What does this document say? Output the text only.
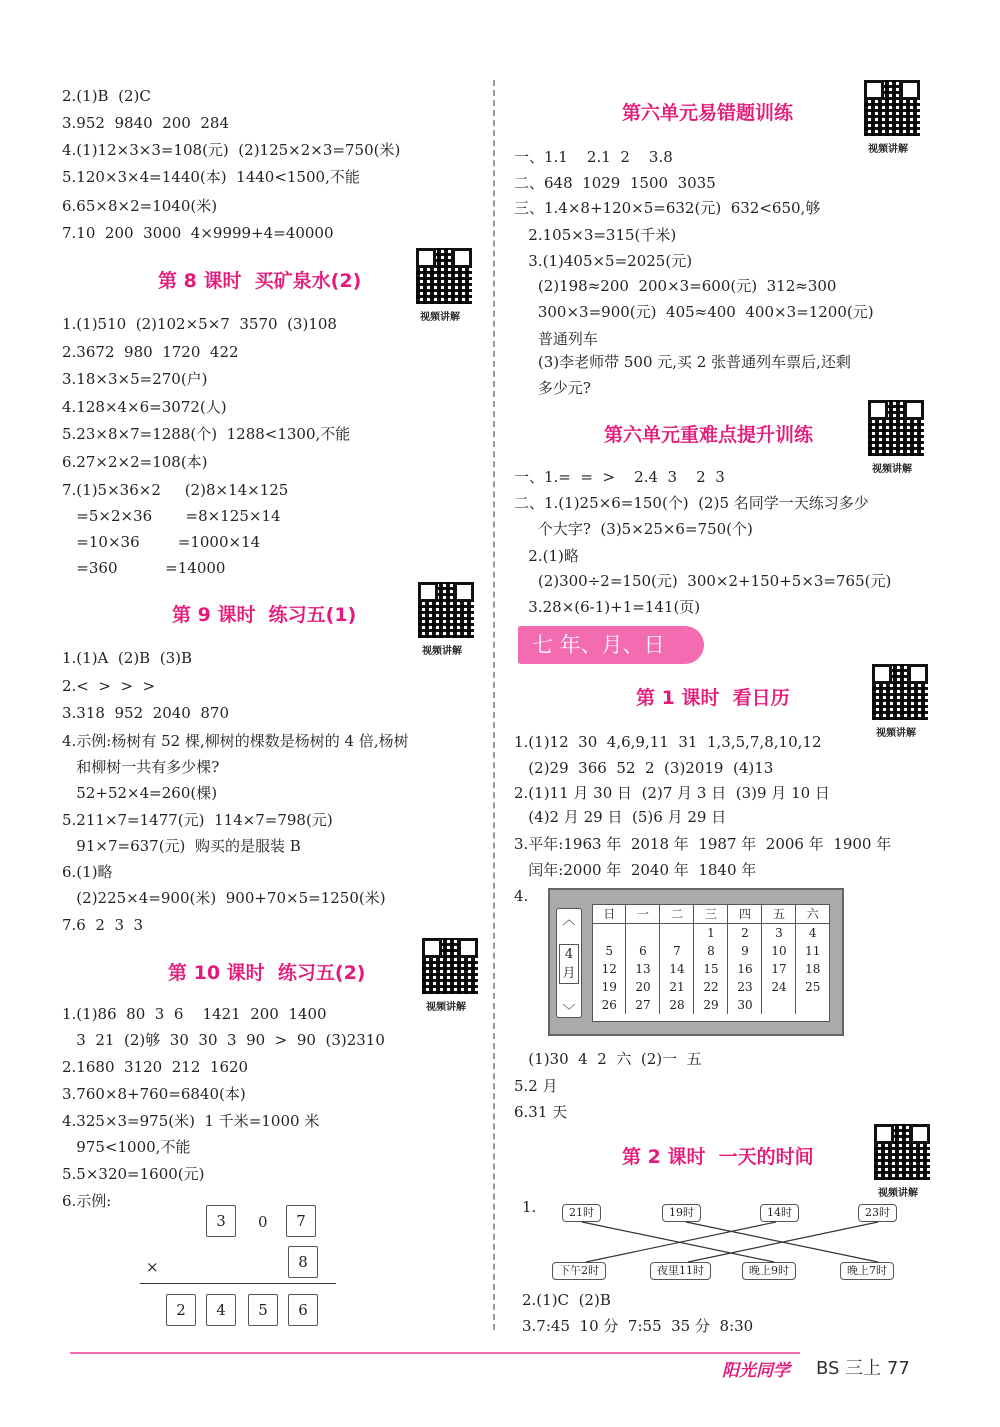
2.(1)B  (2)C
3.952  9840  200  284
4.(1)12×3×3=108(元)  (2)125×2×3=750(米)
5.120×3×4=1440(本)  1440<1500,不能
6.65×8×2=1040(米)
7.10  200  3000  4×9999+4=40000
视频讲解
第 8 课时  买矿泉水(2)
1.(1)510  (2)102×5×7  3570  (3)108
2.3672  980  1720  422
3.18×3×5=270(户)
4.128×4×6=3072(人)
5.23×8×7=1288(个)  1288<1300,不能
6.27×2×2=108(本)
7.(1)5×36×2     (2)8×14×125
=5×2×36       =8×125×14
=10×36        =1000×14
=360          =14000
视频讲解
第 9 课时  练习五(1)
1.(1)A  (2)B  (3)B
2.<  >  >  >
3.318  952  2040  870
4.示例:杨树有 52 棵,柳树的棵数是杨树的 4 倍,杨树
和柳树一共有多少棵?
52+52×4=260(棵)
5.211×7=1477(元)  114×7=798(元)
91×7=637(元)  购买的是服装 B
6.(1)略
(2)225×4=900(米)  900+70×5=1250(米)
7.6  2  3  3
视频讲解
第 10 课时  练习五(2)
1.(1)86  80  3  6    1421  200  1400
3  21  (2)够  30  30  3  90  >  90  (3)2310
2.1680  3120  212  1620
3.760×8+760=6840(本)
4.325×3=975(米)  1 千米=1000 米
975<1000,不能
5.5×320=1600(元)
6.示例:
视频讲解
第六单元易错题训练
一、1.1    2.1  2    3.8
二、648  1029  1500  3035
三、1.4×8+120×5=632(元)  632<650,够
2.105×3=315(千米)
3.(1)405×5=2025(元)
(2)198≈200  200×3=600(元)  312≈300
300×3=900(元)  405≈400  400×3=1200(元)
普通列车
(3)李老师带 500 元,买 2 张普通列车票后,还剩
多少元?
视频讲解
第六单元重难点提升训练
一、1.=  =  >    2.4  3    2  3
二、1.(1)25×6=150(个)  (2)5 名同学一天练习多少
个大字?  (3)5×25×6=750(个)
2.(1)略
(2)300÷2=150(元)  300×2+150+5×3=765(元)
3.28×(6-1)+1=141(页)
视频讲解
第 1 课时  看日历
1.(1)12  30  4,6,9,11  31  1,3,5,7,8,10,12
(2)29  366  52  2  (3)2019  (4)13
2.(1)11 月 30 日  (2)7 月 3 日  (3)9 月 10 日
(4)2 月 29 日  (5)6 月 29 日
3.平年:1963 年  2018 年  1987 年  2006 年  1900 年
闰年:2000 年  2040 年  1840 年
4.
(1)30  4  2  六  (2)一  五
5.2 月
6.31 天
视频讲解
第 2 课时  一天的时间
1.
2.(1)C  (2)B
3.7:45  10 分  7:55  35 分  8:30
七 年、月、日
︿
4月
﹀
日	一	二	三	四	五	六
			1	2	3	4
5	6	7	8	9	10	11
12	13	14	15	16	17	18
19	20	21	22	23	24	25
26	27	28	29	30		
3	0	7
×	8
2	4	5	6
21时	19时	14时	23时
下午2时	夜里11时	晚上9时	晚上7时
阳光同学 BS 三上 77
